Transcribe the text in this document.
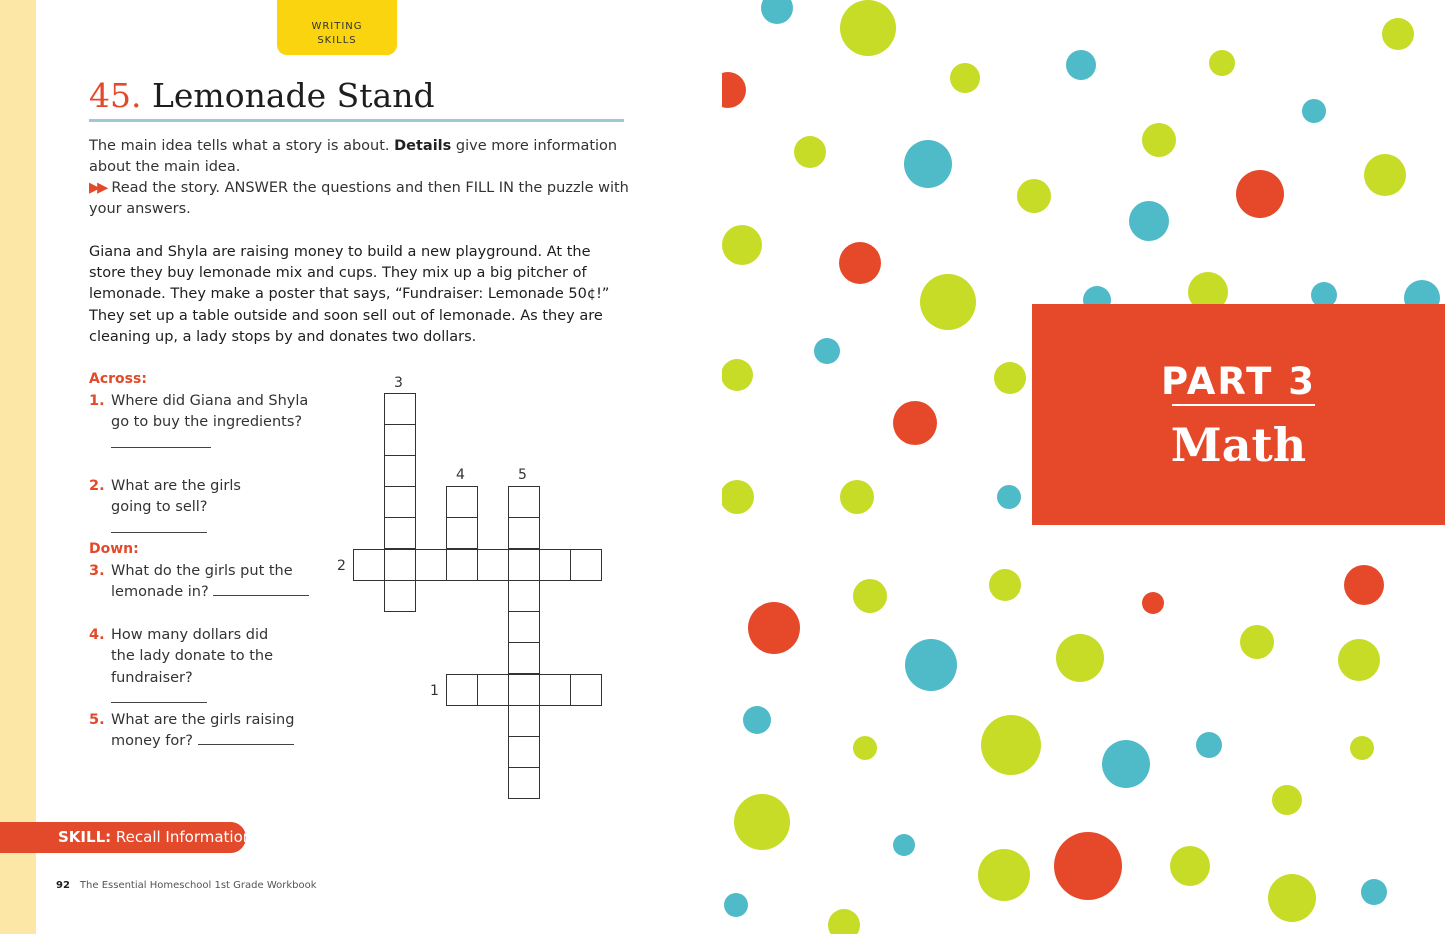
WRITING
SKILLS
45. Lemonade Stand
The main idea tells what a story is about. Details give more information about the main idea.
▶▶ Read the story. ANSWER the questions and then FILL IN the puzzle with your answers.
Giana and Shyla are raising money to build a new playground. At the store they buy lemonade mix and cups. They mix up a big pitcher of lemonade. They make a poster that says, “Fundraiser: Lemonade 50¢!” They set up a table outside and soon sell out of lemonade. As they are cleaning up, a lady stops by and donates two dollars.
Across:
1. Where did Giana and Shyla go to buy the ingredients?
2. What are the girls going to sell?
Down:
3. What do the girls put the lemonade in?
4. How many dollars did the lady donate to the fundraiser?
5. What are the girls raising money for?
3
4	5
2
1
SKILL: Recall Information
92 The Essential Homeschool 1st Grade Workbook
PART 3
Math
